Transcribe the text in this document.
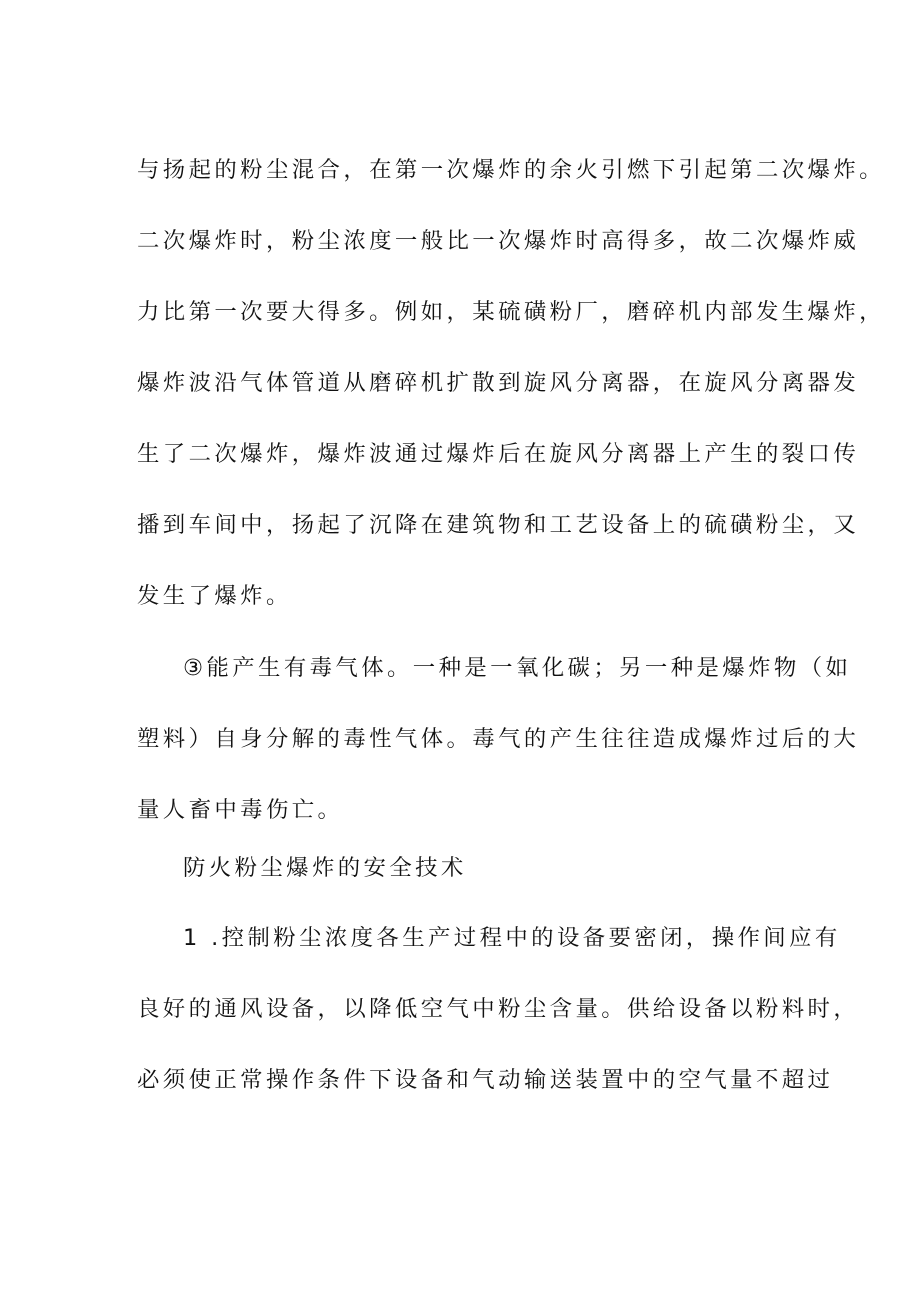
与扬起的粉尘混合，在第一次爆炸的余火引燃下引起第二次爆炸。
二次爆炸时，粉尘浓度一般比一次爆炸时高得多，故二次爆炸威
力比第一次要大得多。例如，某硫磺粉厂，磨碎机内部发生爆炸，
爆炸波沿气体管道从磨碎机扩散到旋风分离器，在旋风分离器发
生了二次爆炸，爆炸波通过爆炸后在旋风分离器上产生的裂口传
播到车间中，扬起了沉降在建筑物和工艺设备上的硫磺粉尘，又
发生了爆炸。
③能产生有毒气体。一种是一氧化碳；另一种是爆炸物（如
塑料）自身分解的毒性气体。毒气的产生往往造成爆炸过后的大
量人畜中毒伤亡。
防火粉尘爆炸的安全技术
1 .控制粉尘浓度各生产过程中的设备要密闭，操作间应有
良好的通风设备，以降低空气中粉尘含量。供给设备以粉料时，
必须使正常操作条件下设备和气动输送装置中的空气量不超过
